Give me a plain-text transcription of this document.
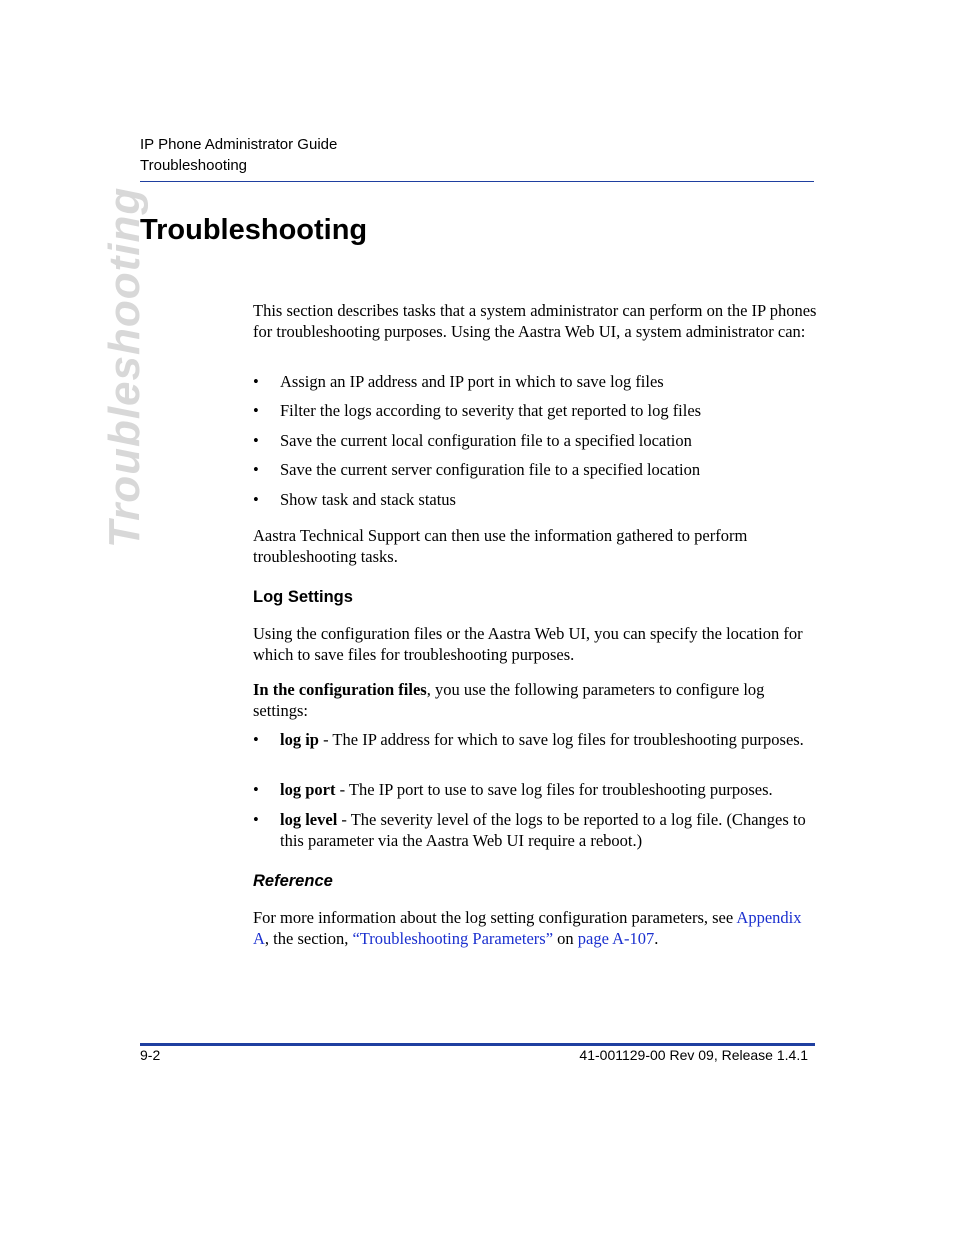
IP Phone Administrator Guide
Troubleshooting
Troubleshooting
Troubleshooting

This section describes tasks that a system administrator can perform on the IP phones for troubleshooting purposes. Using the Aastra Web UI, a system administrator can:

• Assign an IP address and IP port in which to save log files
• Filter the logs according to severity that get reported to log files
• Save the current local configuration file to a specified location
• Save the current server configuration file to a specified location
• Show task and stack status

Aastra Technical Support can then use the information gathered to perform troubleshooting tasks.

Log Settings

Using the configuration files or the Aastra Web UI, you can specify the location for which to save files for troubleshooting purposes.

In the configuration files, you use the following parameters to configure log settings:

• log ip - The IP address for which to save log files for troubleshooting purposes.
• log port - The IP port to use to save log files for troubleshooting purposes.
• log level - The severity level of the logs to be reported to a log file. (Changes to this parameter via the Aastra Web UI require a reboot.)
Reference

For more information about the log setting configuration parameters, see Appendix A, the section, “Troubleshooting Parameters” on page A-107.

9-2	41-001129-00 Rev 09, Release 1.4.1
